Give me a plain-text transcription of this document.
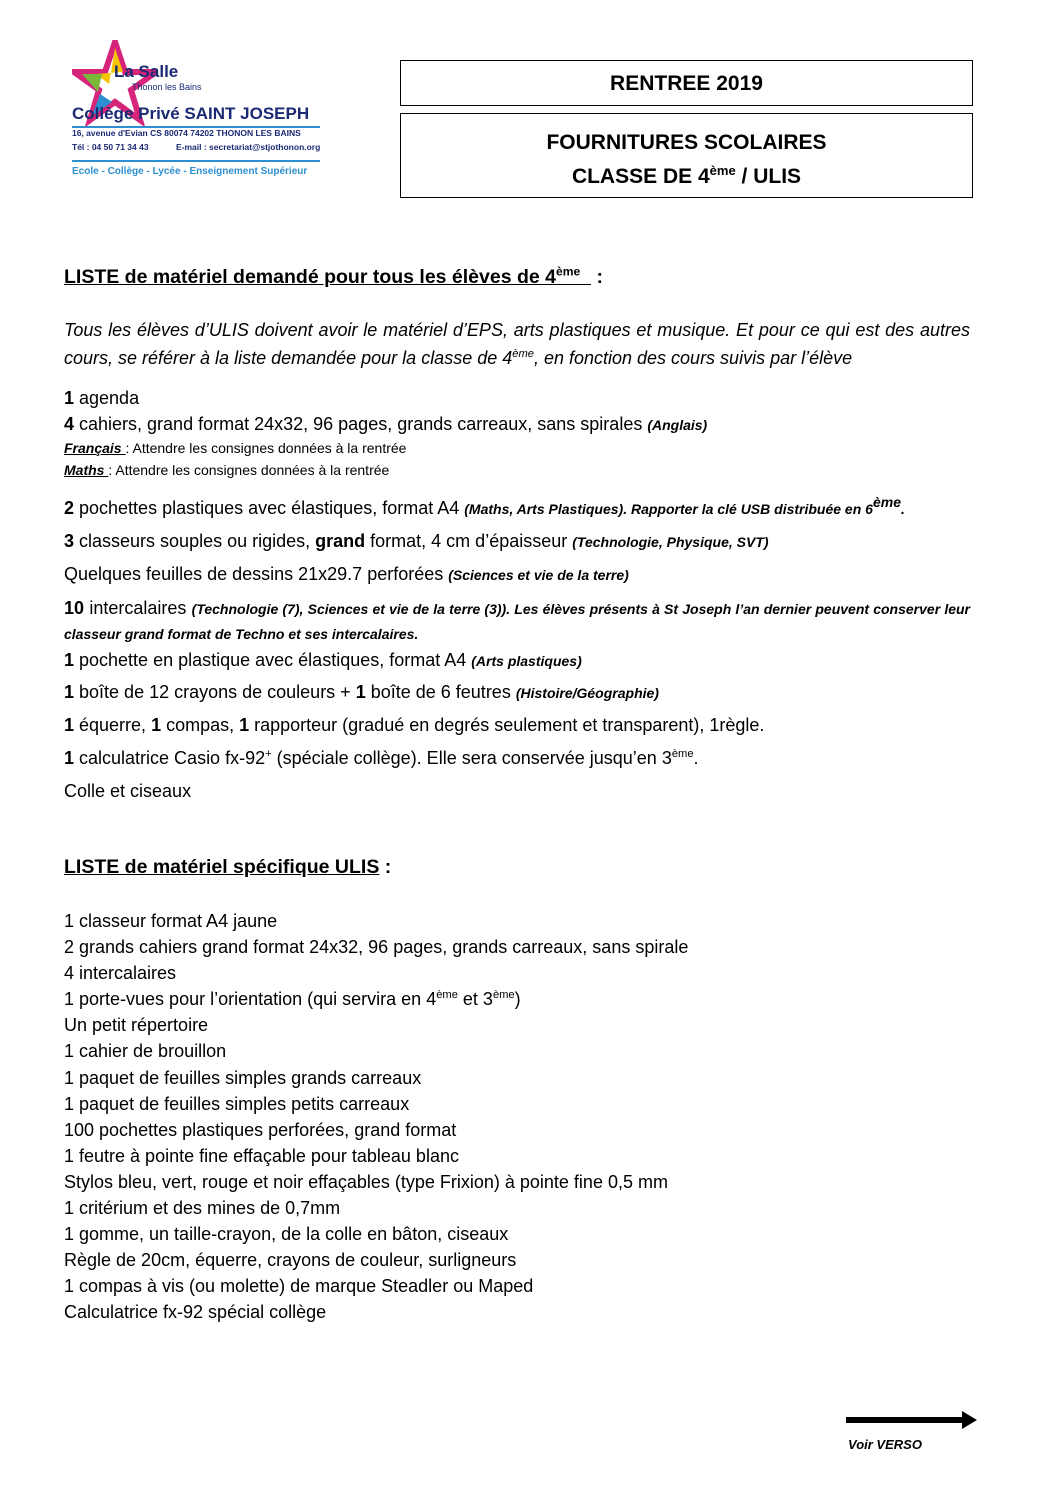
La Salle
Thonon les Bains
Collège Privé SAINT JOSEPH
16, avenue d'Evian CS 80074 74202 THONON LES BAINS
Tél : 04 50 71 34 43	E-mail : secretariat@stjothonon.org
Ecole - Collège - Lycée - Enseignement Supérieur
RENTREE 2019
FOURNITURES SCOLAIRES
CLASSE DE 4ème / ULIS
LISTE de matériel demandé pour tous les élèves de 4ème   :
Tous les élèves d’ULIS doivent avoir le matériel d’EPS, arts plastiques et musique. Et pour ce qui est des autres cours, se référer à la liste demandée pour la classe de 4ème, en fonction des cours suivis par l’élève
1 agenda
4 cahiers, grand format 24x32, 96 pages, grands carreaux, sans spirales (Anglais)
Français : Attendre les consignes données à la rentrée
Maths : Attendre les consignes données à la rentrée
2 pochettes plastiques avec élastiques, format A4 (Maths, Arts Plastiques). Rapporter la clé USB distribuée en 6ème.
3 classeurs souples ou rigides, grand format, 4 cm d’épaisseur (Technologie, Physique, SVT)
Quelques feuilles de dessins 21x29.7 perforées (Sciences et vie de la terre)
10 intercalaires (Technologie (7), Sciences et vie de la terre (3)). Les élèves présents à St Joseph l’an dernier peuvent conserver leur classeur grand format de Techno et ses intercalaires.
1 pochette en plastique avec élastiques, format A4 (Arts plastiques)
1 boîte de 12 crayons de couleurs + 1 boîte de 6 feutres (Histoire/Géographie)
1 équerre, 1 compas, 1 rapporteur (gradué en degrés seulement et transparent), 1règle.
1 calculatrice Casio fx-92+ (spéciale collège). Elle sera conservée jusqu’en 3ème.
Colle et ciseaux
LISTE de matériel spécifique ULIS :
1 classeur format A4 jaune
2 grands cahiers grand format 24x32, 96 pages, grands carreaux, sans spirale
4 intercalaires
1 porte-vues pour l’orientation (qui servira en 4ème et 3ème)
Un petit répertoire
1 cahier de brouillon
1 paquet de feuilles simples grands carreaux
1 paquet de feuilles simples petits carreaux
100 pochettes plastiques perforées, grand format
1 feutre à pointe fine effaçable pour tableau blanc
Stylos bleu, vert, rouge et noir effaçables (type Frixion) à pointe fine 0,5 mm
1 critérium et des mines de 0,7mm
1 gomme, un taille-crayon, de la colle en bâton, ciseaux
Règle de 20cm, équerre, crayons de couleur, surligneurs
1 compas à vis (ou molette) de marque Steadler ou Maped
Calculatrice fx-92 spécial collège
Voir VERSO
